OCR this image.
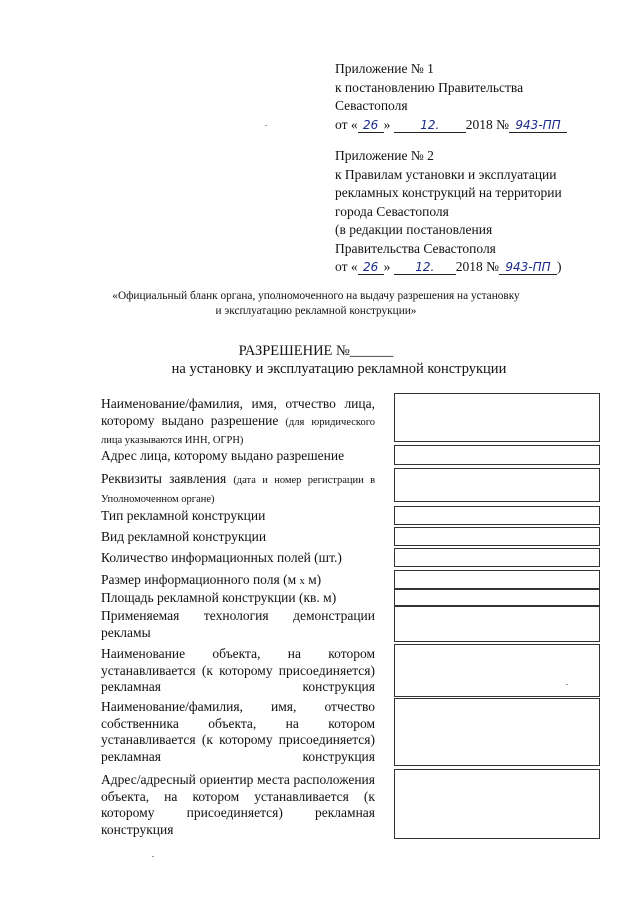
Приложение № 1
к постановлению Правительства
Севастополя
от « 26 » 12. 2018 № 943-ПП
Приложение № 2
к Правилам установки и эксплуатации
рекламных конструкций на территории
города Севастополя
(в редакции постановления
Правительства Севастополя
от « 26 » 12. 2018 № 943-ПП )
«Официальный бланк органа, уполномоченного на выдачу разрешения на установку
и эксплуатацию рекламной конструкции»
РАЗРЕШЕНИЕ №______
на установку и эксплуатацию рекламной конструкции
Наименование/фамилия, имя, отчество лица, которому выдано разрешение (для юридического лица указываются ИНН, ОГРН)
Адрес лица, которому выдано разрешение
Реквизиты заявления (дата и номер регистрации в Уполномоченном органе)
Тип рекламной конструкции
Вид рекламной конструкции
Количество информационных полей (шт.)
Размер информационного поля (м х м)
Площадь рекламной конструкции (кв. м)
Применяемая технология демонстрации рекламы
Наименование объекта, на котором устанавливается (к которому присоединяется) рекламная конструкция
Наименование/фамилия, имя, отчество собственника объекта, на котором устанавливается (к которому присоединяется) рекламная конструкция
Адрес/адресный ориентир места расположения объекта, на котором устанавливается (к которому присоединяется) рекламная конструкция
